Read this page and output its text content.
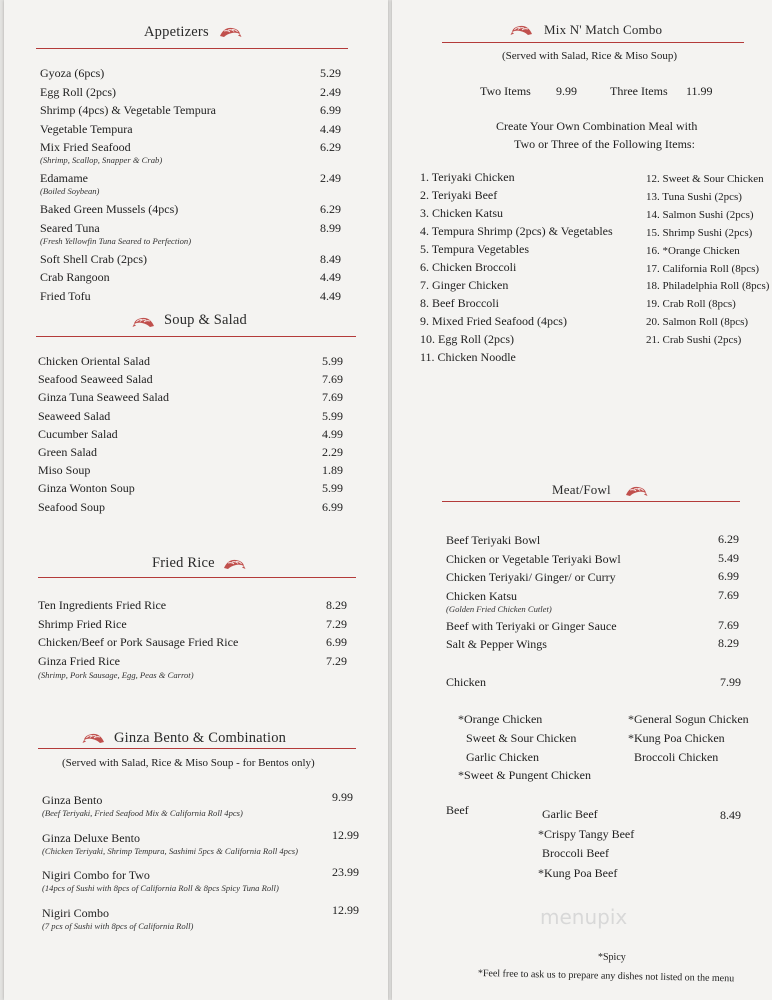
Appetizers
Gyoza (6pcs)	5.29
Egg Roll (2pcs)	2.49
Shrimp (4pcs) & Vegetable Tempura	6.99
Vegetable Tempura	4.49
Mix Fried Seafood	6.29
(Shrimp, Scallop, Snapper & Crab)
Edamame	2.49
(Boiled Soybean)
Baked Green Mussels (4pcs)	6.29
Seared Tuna	8.99
(Fresh Yellowfin Tuna Seared to Perfection)
Soft Shell Crab (2pcs)	8.49
Crab Rangoon	4.49
Fried Tofu	4.49
Soup & Salad
Chicken Oriental Salad	5.99
Seafood Seaweed Salad	7.69
Ginza Tuna Seaweed Salad	7.69
Seaweed Salad	5.99
Cucumber Salad	4.99
Green Salad	2.29
Miso Soup	1.89
Ginza Wonton Soup	5.99
Seafood Soup	6.99
Fried Rice
Ten Ingredients Fried Rice	8.29
Shrimp Fried Rice	7.29
Chicken/Beef or Pork Sausage Fried Rice	6.99
Ginza Fried Rice	7.29
(Shrimp, Pork Sausage, Egg, Peas & Carrot)
Ginza Bento & Combination
(Served with Salad, Rice & Miso Soup - for Bentos only)
Ginza Bento	9.99
(Beef Teriyaki, Fried Seafood Mix & California Roll 4pcs)
Ginza Deluxe Bento	12.99
(Chicken Teriyaki, Shrimp Tempura, Sashimi 5pcs & California Roll 4pcs)
Nigiri Combo for Two	23.99
(14pcs of Sushi with 8pcs of California Roll & 8pcs Spicy Tuna Roll)
Nigiri Combo	12.99
(7 pcs of Sushi with 8pcs of California Roll)
Mix N' Match Combo
(Served with Salad, Rice & Miso Soup)
Two Items 9.99	Three Items 11.99
Create Your Own Combination Meal with
Two or Three of the Following Items:
1. Teriyaki Chicken
2. Teriyaki Beef
3. Chicken Katsu
4. Tempura Shrimp (2pcs) & Vegetables
5. Tempura Vegetables
6. Chicken Broccoli
7. Ginger Chicken
8. Beef Broccoli
9. Mixed Fried Seafood (4pcs)
10. Egg Roll (2pcs)
11. Chicken Noodle
12. Sweet & Sour Chicken
13. Tuna Sushi (2pcs)
14. Salmon Sushi (2pcs)
15. Shrimp Sushi (2pcs)
16. *Orange Chicken
17. California Roll (8pcs)
18. Philadelphia Roll (8pcs)
19. Crab Roll (8pcs)
20. Salmon Roll (8pcs)
21. Crab Sushi (2pcs)
Meat/Fowl
Beef Teriyaki Bowl	6.29
Chicken or Vegetable Teriyaki Bowl	5.49
Chicken Teriyaki/ Ginger/ or Curry	6.99
Chicken Katsu	7.69
(Golden Fried Chicken Cutlet)
Beef with Teriyaki or Ginger Sauce	7.69
Salt & Pepper Wings	8.29
Chicken	7.99
*Orange Chicken
Sweet & Sour Chicken
Garlic Chicken
*Sweet & Pungent Chicken
*General Sogun Chicken
*Kung Poa Chicken
Broccoli Chicken
Beef	8.49
Garlic Beef
*Crispy Tangy Beef
Broccoli Beef
*Kung Poa Beef
menupix
*Spicy
*Feel free to ask us to prepare any dishes not listed on the menu
